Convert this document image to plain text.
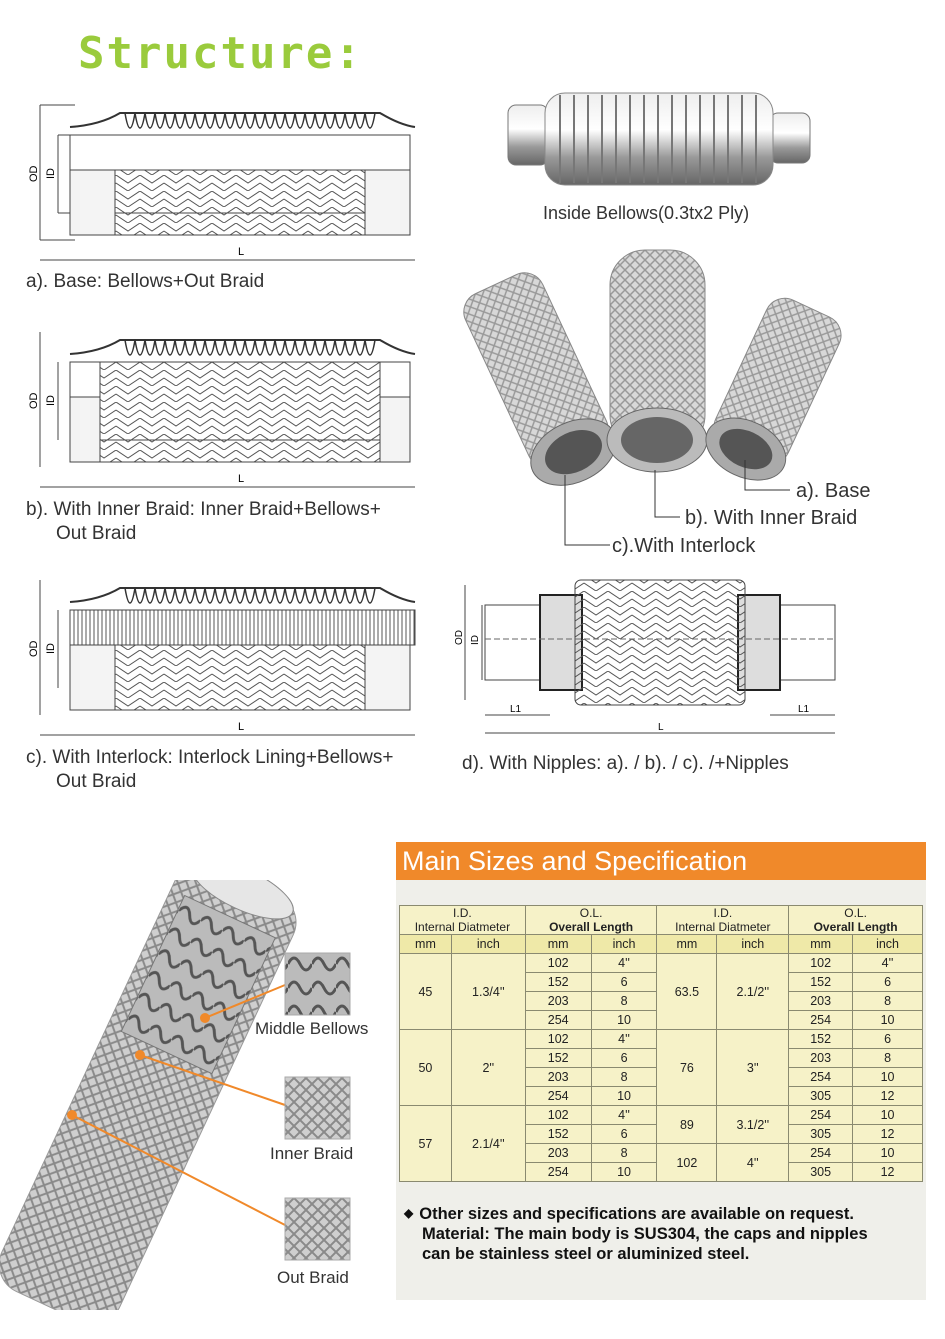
Structure:
OD ID
L
a). Base: Bellows+Out Braid
OD ID
L
b). With Inner Braid: Inner Braid+Bellows+
Out Braid
OD ID
L
c). With Interlock: Interlock Lining+Bellows+
Out Braid
OD ID
L1	L1
L
d). With Nipples: a). / b). / c). /+Nipples
Inside Bellows(0.3tx2 Ply)
a). Base
b). With Inner Braid
c).With Interlock
Middle Bellows
Inner Braid
Out Braid
Main Sizes and Specification
I.D.
Internal Diatmeter		O.L.
Overall Length		I.D.
Internal Diatmeter		O.L.
Overall Length	
mm	inch	mm	inch	mm	inch	mm	inch
45	1.3/4''	102	4''	63.5	2.1/2''	102	4''
		152	6			152	6
		203	8			203	8
		254	10			254	10
50	2''	102	4''	76	3''	152	6
		152	6			203	8
		203	8			254	10
		254	10			305	12
57	2.1/4''	102	4''	89	3.1/2''	254	10
		152	6			305	12
		203	8	102	4''	254	10
		254	10			305	12
◆ Other sizes and specifications are available on request.
Material: The main body is SUS304, the caps and nipples
can be stainless steel or aluminized steel.
